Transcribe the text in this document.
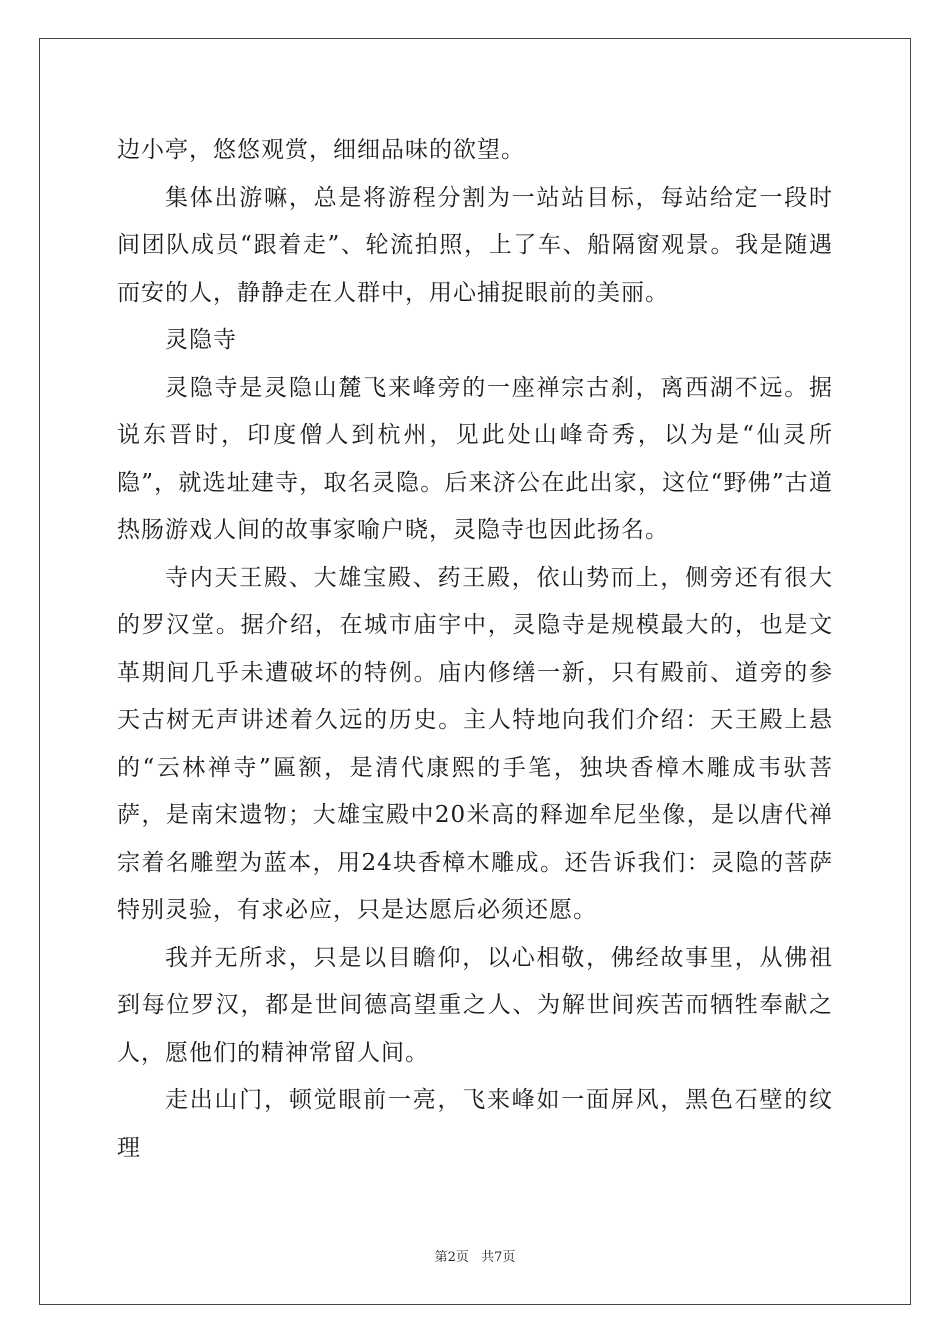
边小亭，悠悠观赏，细细品味的欲望。

集体出游嘛，总是将游程分割为一站站目标，每站给定一段时间团队成员“跟着走”、轮流拍照，上了车、船隔窗观景。我是随遇而安的人，静静走在人群中，用心捕捉眼前的美丽。

灵隐寺

灵隐寺是灵隐山麓飞来峰旁的一座禅宗古刹，离西湖不远。据说东晋时，印度僧人到杭州，见此处山峰奇秀，以为是“仙灵所隐”，就选址建寺，取名灵隐。后来济公在此出家，这位“野佛”古道热肠游戏人间的故事家喻户晓，灵隐寺也因此扬名。

寺内天王殿、大雄宝殿、药王殿，依山势而上，侧旁还有很大的罗汉堂。据介绍，在城市庙宇中，灵隐寺是规模最大的，也是文革期间几乎未遭破坏的特例。庙内修缮一新，只有殿前、道旁的参天古树无声讲述着久远的历史。主人特地向我们介绍：天王殿上悬的“云林禅寺”匾额，是清代康熙的手笔，独块香樟木雕成韦驮菩萨，是南宋遗物；大雄宝殿中20米高的释迦牟尼坐像，是以唐代禅宗着名雕塑为蓝本，用24块香樟木雕成。还告诉我们：灵隐的菩萨特别灵验，有求必应，只是达愿后必须还愿。

我并无所求，只是以目瞻仰，以心相敬，佛经故事里，从佛祖到每位罗汉，都是世间德高望重之人、为解世间疾苦而牺牲奉献之人，愿他们的精神常留人间。

走出山门，顿觉眼前一亮，飞来峰如一面屏风，黑色石壁的纹理

第2页 共7页
